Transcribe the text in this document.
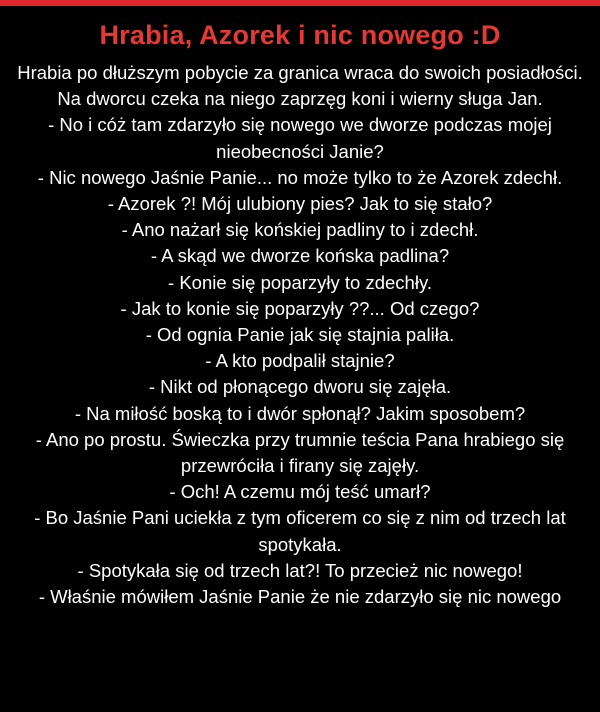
Hrabia, Azorek i nic nowego :D

Hrabia po dłuższym pobycie za granica wraca do swoich posiadłości. Na dworcu czeka na niego zaprzęg koni i wierny sługa Jan.

- No i cóż tam zdarzyło się nowego we dworze podczas mojej nieobecności Janie?

- Nic nowego Jaśnie Panie... no może tylko to że Azorek zdechł.

- Azorek ?! Mój ulubiony pies? Jak to się stało?

- Ano nażarł się końskiej padliny to i zdechł.

- A skąd we dworze końska padlina?

- Konie się poparzyły to zdechły.

- Jak to konie się poparzyły ??... Od czego?

- Od ognia Panie jak się stajnia paliła.

- A kto podpalił stajnie?

- Nikt od płonącego dworu się zajęła.

- Na miłość boską to i dwór spłonął? Jakim sposobem?

- Ano po prostu. Świeczka przy trumnie teścia Pana hrabiego się przewróciła i firany się zajęły.

- Och! A czemu mój teść umarł?

- Bo Jaśnie Pani uciekła z tym oficerem co się z nim od trzech lat spotykała.

- Spotykała się od trzech lat?! To przecież nic nowego!

- Właśnie mówiłem Jaśnie Panie że nie zdarzyło się nic nowego
